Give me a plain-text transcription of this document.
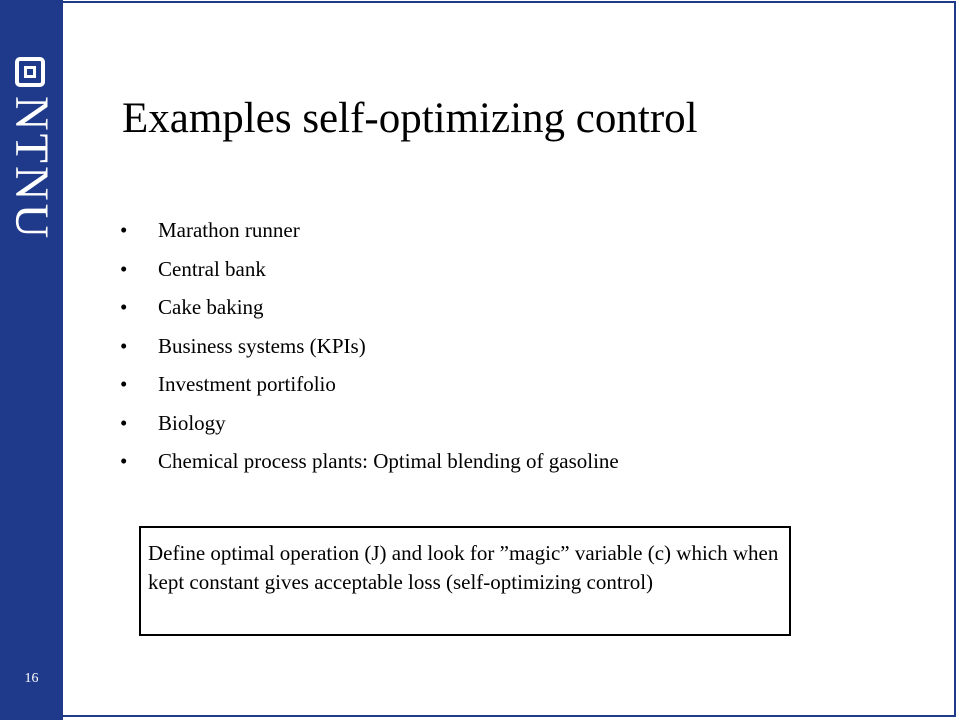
NTNU
16
Examples self-optimizing control
• Marathon runner
• Central bank
• Cake baking
• Business systems (KPIs)
• Investment portifolio
• Biology
• Chemical process plants: Optimal blending of gasoline
Define optimal operation (J) and look for ”magic” variable (c) which when kept constant gives acceptable loss (self-optimizing control)
